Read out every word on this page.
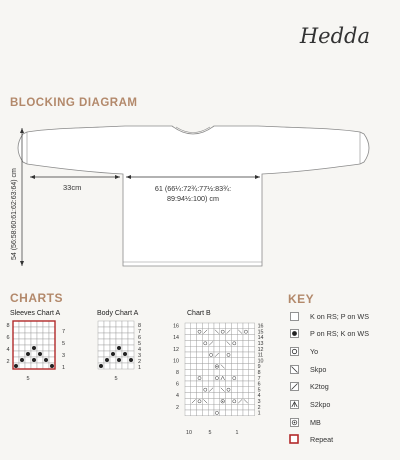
Hedda
BLOCKING DIAGRAM
33cm	61 (66¼:72¾:77½:83¾:
89:94½:100) cm
54 (56:58:60:61:62:63:64) cm
CHARTS
Sleeves Chart A	Body Chart A	Chart B
8
7
6
5
4
3
2
1
5
8
7
6
5
4
3
2
1
5
16
14
12
10
8
6
4
2
16
15
14
13
12
11
10
9
8
7
6
5
4
3
2
1
10	5	1
KEY
K on RS; P on WS
P on RS; K on WS
Yo
Skpo
K2tog
S2kpo
MB
Repeat
